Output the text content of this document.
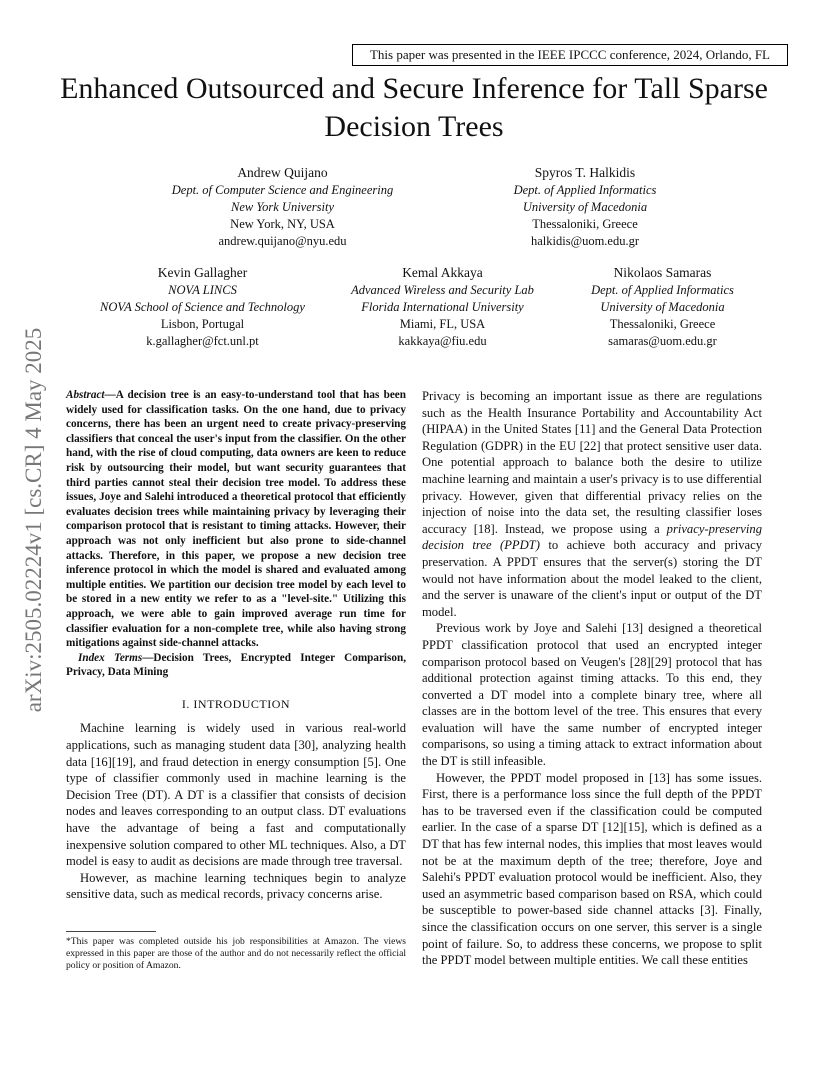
This paper was presented in the IEEE IPCCC conference, 2024, Orlando, FL
Enhanced Outsourced and Secure Inference for Tall Sparse Decision Trees
arXiv:2505.02224v1 [cs.CR] 4 May 2025
Andrew Quijano
Dept. of Computer Science and Engineering
New York University
New York, NY, USA
andrew.quijano@nyu.edu
Spyros T. Halkidis
Dept. of Applied Informatics
University of Macedonia
Thessaloniki, Greece
halkidis@uom.edu.gr
Kevin Gallagher
NOVA LINCS
NOVA School of Science and Technology
Lisbon, Portugal
k.gallagher@fct.unl.pt
Kemal Akkaya
Advanced Wireless and Security Lab
Florida International University
Miami, FL, USA
kakkaya@fiu.edu
Nikolaos Samaras
Dept. of Applied Informatics
University of Macedonia
Thessaloniki, Greece
samaras@uom.edu.gr
Abstract—A decision tree is an easy-to-understand tool that has been widely used for classification tasks. On the one hand, due to privacy concerns, there has been an urgent need to create privacy-preserving classifiers that conceal the user's input from the classifier. On the other hand, with the rise of cloud computing, data owners are keen to reduce risk by outsourcing their model, but want security guarantees that third parties cannot steal their decision tree model. To address these issues, Joye and Salehi introduced a theoretical protocol that efficiently evaluates decision trees while maintaining privacy by leveraging their comparison protocol that is resistant to timing attacks. However, their approach was not only inefficient but also prone to side-channel attacks. Therefore, in this paper, we propose a new decision tree inference protocol in which the model is shared and evaluated among multiple entities. We partition our decision tree model by each level to be stored in a new entity we refer to as a "level-site." Utilizing this approach, we were able to gain improved average run time for classifier evaluation for a non-complete tree, while also having strong mitigations against side-channel attacks.
Index Terms—Decision Trees, Encrypted Integer Comparison, Privacy, Data Mining
I. INTRODUCTION

Machine learning is widely used in various real-world applications, such as managing student data [30], analyzing health data [16][19], and fraud detection in energy consumption [5]. One type of classifier commonly used in machine learning is the Decision Tree (DT). A DT is a classifier that consists of decision nodes and leaves corresponding to an output class. DT evaluations have the advantage of being a fast and computationally inexpensive solution compared to other ML techniques. Also, a DT model is easy to audit as decisions are made through tree traversal.

However, as machine learning techniques begin to analyze sensitive data, such as medical records, privacy concerns arise.

*This paper was completed outside his job responsibilities at Amazon. The views expressed in this paper are those of the author and do not necessarily reflect the official policy or position of Amazon.

Privacy is becoming an important issue as there are regulations such as the Health Insurance Portability and Accountability Act (HIPAA) in the United States [11] and the General Data Protection Regulation (GDPR) in the EU [22] that protect sensitive user data. One potential approach to balance both the desire to utilize machine learning and maintain a user's privacy is to use differential privacy. However, given that differential privacy relies on the injection of noise into the data set, the resulting classifier loses accuracy [18]. Instead, we propose using a privacy-preserving decision tree (PPDT) to achieve both accuracy and privacy preservation. A PPDT ensures that the server(s) storing the DT would not have information about the model leaked to the client, and the server is unaware of the client's input or output of the DT model.

Previous work by Joye and Salehi [13] designed a theoretical PPDT classification protocol that used an encrypted integer comparison protocol based on Veugen's [28][29] protocol that has additional protection against timing attacks. To this end, they converted a DT model into a complete binary tree, where all classes are in the bottom level of the tree. This ensures that every evaluation will have the same number of encrypted integer comparisons, so using a timing attack to extract information about the DT is still infeasible.

However, the PPDT model proposed in [13] has some issues. First, there is a performance loss since the full depth of the PPDT has to be traversed even if the classification could be computed earlier. In the case of a sparse DT [12][15], which is defined as a DT that has few internal nodes, this implies that most leaves would not be at the maximum depth of the tree; therefore, Joye and Salehi's PPDT evaluation protocol would be inefficient. Also, they used an asymmetric based comparison based on RSA, which could be susceptible to power-based side channel attacks [3]. Finally, since the classification occurs on one server, this server is a single point of failure. So, to address these concerns, we propose to split the PPDT model between multiple entities. We call these entities
